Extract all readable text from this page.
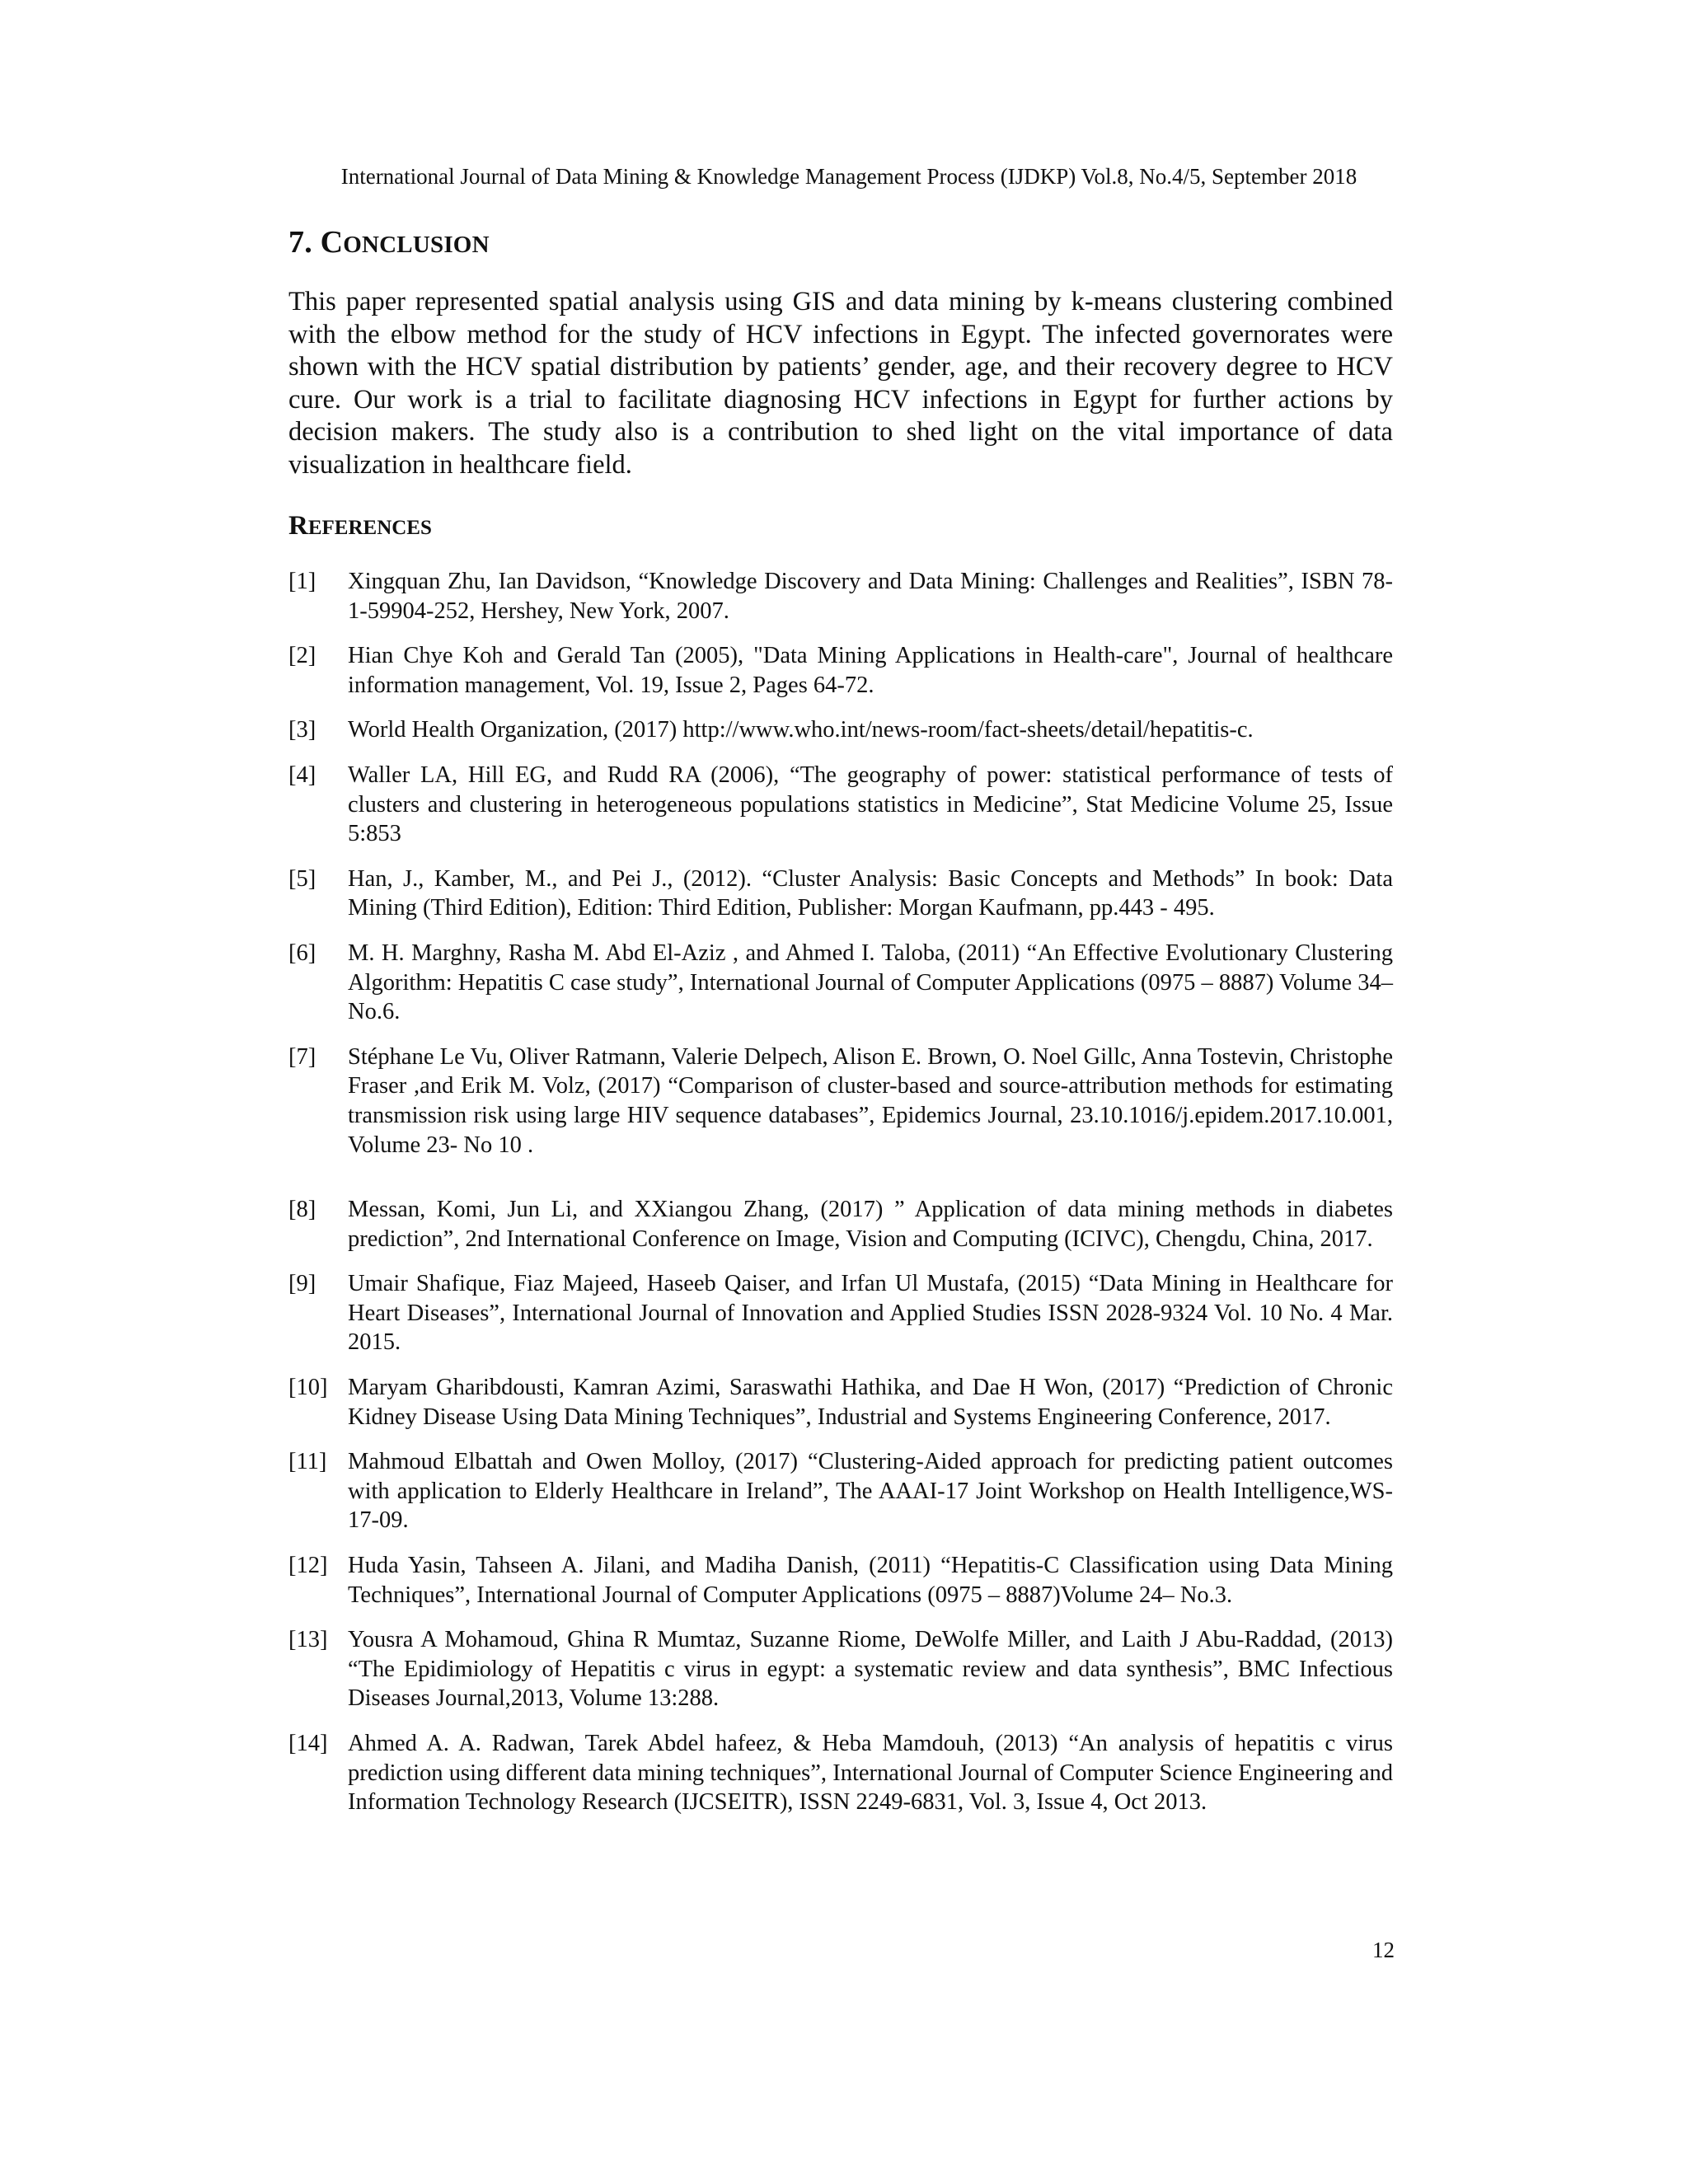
International Journal of Data Mining & Knowledge Management Process (IJDKP) Vol.8, No.4/5, September 2018
7. CONCLUSION
This paper represented spatial analysis using GIS and data mining by k-means clustering combined with the elbow method for the study of HCV infections in Egypt. The infected governorates were shown with the HCV spatial distribution by patients’ gender, age, and their recovery degree to HCV cure. Our work is a trial to facilitate diagnosing HCV infections in Egypt for further actions by decision makers. The study also is a contribution to shed light on the vital importance of data visualization in healthcare field.
REFERENCES
[1] Xingquan Zhu, Ian Davidson, “Knowledge Discovery and Data Mining: Challenges and Realities”, ISBN 78- 1-59904-252, Hershey, New York, 2007.
[2] Hian Chye Koh and Gerald Tan (2005), "Data Mining Applications in Health-care", Journal of healthcare information management, Vol. 19, Issue 2, Pages 64-72.
[3] World Health Organization, (2017) http://www.who.int/news-room/fact-sheets/detail/hepatitis-c.
[4] Waller LA, Hill EG, and Rudd RA (2006), “The geography of power: statistical performance of tests of clusters and clustering in heterogeneous populations statistics in Medicine”, Stat Medicine Volume 25, Issue 5:853
[5] Han, J., Kamber, M., and Pei J., (2012). “Cluster Analysis: Basic Concepts and Methods” In book: Data Mining (Third Edition), Edition: Third Edition, Publisher: Morgan Kaufmann, pp.443 - 495.
[6] M. H. Marghny, Rasha M. Abd El-Aziz , and Ahmed I. Taloba, (2011) “An Effective Evolutionary Clustering Algorithm: Hepatitis C case study”, International Journal of Computer Applications (0975 – 8887) Volume 34– No.6.
[7] Stéphane Le Vu, Oliver Ratmann, Valerie Delpech, Alison E. Brown, O. Noel Gillc, Anna Tostevin, Christophe Fraser ,and Erik M. Volz, (2017) “Comparison of cluster-based and source-attribution methods for estimating transmission risk using large HIV sequence databases”, Epidemics Journal, 23.10.1016/j.epidem.2017.10.001, Volume 23- No 10 .
[8] Messan, Komi, Jun Li, and XXiangou Zhang, (2017) ” Application of data mining methods in diabetes prediction”, 2nd International Conference on Image, Vision and Computing (ICIVC), Chengdu, China, 2017.
[9] Umair Shafique, Fiaz Majeed, Haseeb Qaiser, and Irfan Ul Mustafa, (2015) “Data Mining in Healthcare for Heart Diseases”, International Journal of Innovation and Applied Studies ISSN 2028-9324 Vol. 10 No. 4 Mar. 2015.
[10] Maryam Gharibdousti, Kamran Azimi, Saraswathi Hathika, and Dae H Won, (2017) “Prediction of Chronic Kidney Disease Using Data Mining Techniques”, Industrial and Systems Engineering Conference, 2017.
[11] Mahmoud Elbattah and Owen Molloy, (2017) “Clustering-Aided approach for predicting patient outcomes with application to Elderly Healthcare in Ireland”, The AAAI-17 Joint Workshop on Health Intelligence,WS-17-09.
[12] Huda Yasin, Tahseen A. Jilani, and Madiha Danish, (2011) “Hepatitis-C Classification using Data Mining Techniques”, International Journal of Computer Applications (0975 – 8887)Volume 24– No.3.
[13] Yousra A Mohamoud, Ghina R Mumtaz, Suzanne Riome, DeWolfe Miller, and Laith J Abu-Raddad, (2013) “The Epidimiology of Hepatitis c virus in egypt: a systematic review and data synthesis”, BMC Infectious Diseases Journal,2013, Volume 13:288.
[14] Ahmed A. A. Radwan, Tarek Abdel hafeez, & Heba Mamdouh, (2013) “An analysis of hepatitis c virus prediction using different data mining techniques”, International Journal of Computer Science Engineering and Information Technology Research (IJCSEITR), ISSN 2249-6831, Vol. 3, Issue 4, Oct 2013.
12
